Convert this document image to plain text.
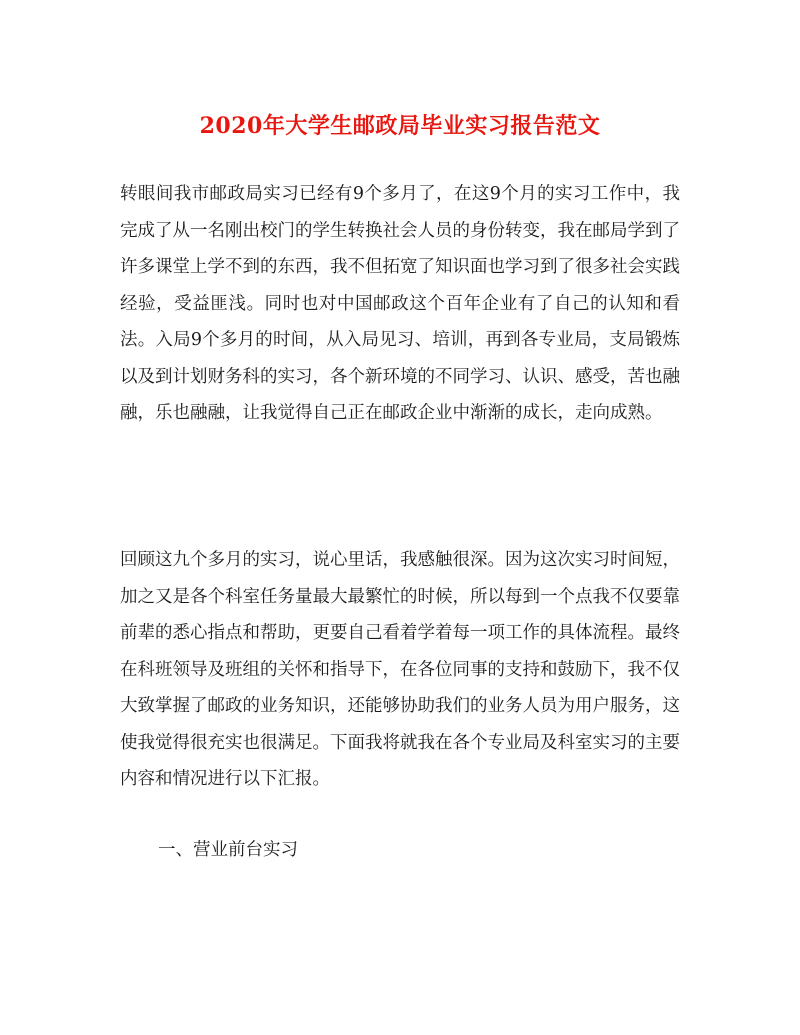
2020年大学生邮政局毕业实习报告范文

转眼间我市邮政局实习已经有9个多月了，在这9个月的实习工作中，我完成了从一名刚出校门的学生转换社会人员的身份转变，我在邮局学到了许多课堂上学不到的东西，我不但拓宽了知识面也学习到了很多社会实践经验，受益匪浅。同时也对中国邮政这个百年企业有了自己的认知和看法。入局9个多月的时间，从入局见习、培训，再到各专业局，支局锻炼以及到计划财务科的实习，各个新环境的不同学习、认识、感受，苦也融融，乐也融融，让我觉得自己正在邮政企业中渐渐的成长，走向成熟。

回顾这九个多月的实习，说心里话，我感触很深。因为这次实习时间短，加之又是各个科室任务量最大最繁忙的时候，所以每到一个点我不仅要靠前辈的悉心指点和帮助，更要自己看着学着每一项工作的具体流程。最终在科班领导及班组的关怀和指导下，在各位同事的支持和鼓励下，我不仅大致掌握了邮政的业务知识，还能够协助我们的业务人员为用户服务，这使我觉得很充实也很满足。下面我将就我在各个专业局及科室实习的主要内容和情况进行以下汇报。

一、营业前台实习
